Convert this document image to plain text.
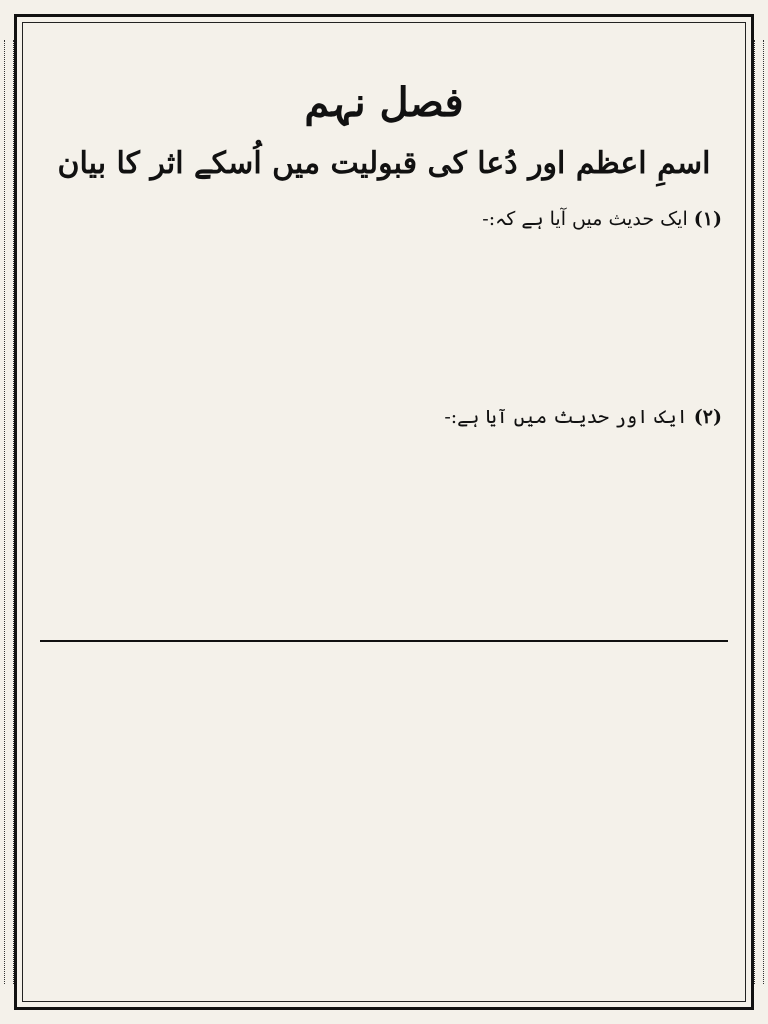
فصل نہم
اسمِ اعظم اور دُعا کی قبولیت میں اُسکے اثر کا بیان
(۱) ایک حدیث میں آیا ہے کہ:-
(۲) ایک اور حدیث میں آیا ہے:-
